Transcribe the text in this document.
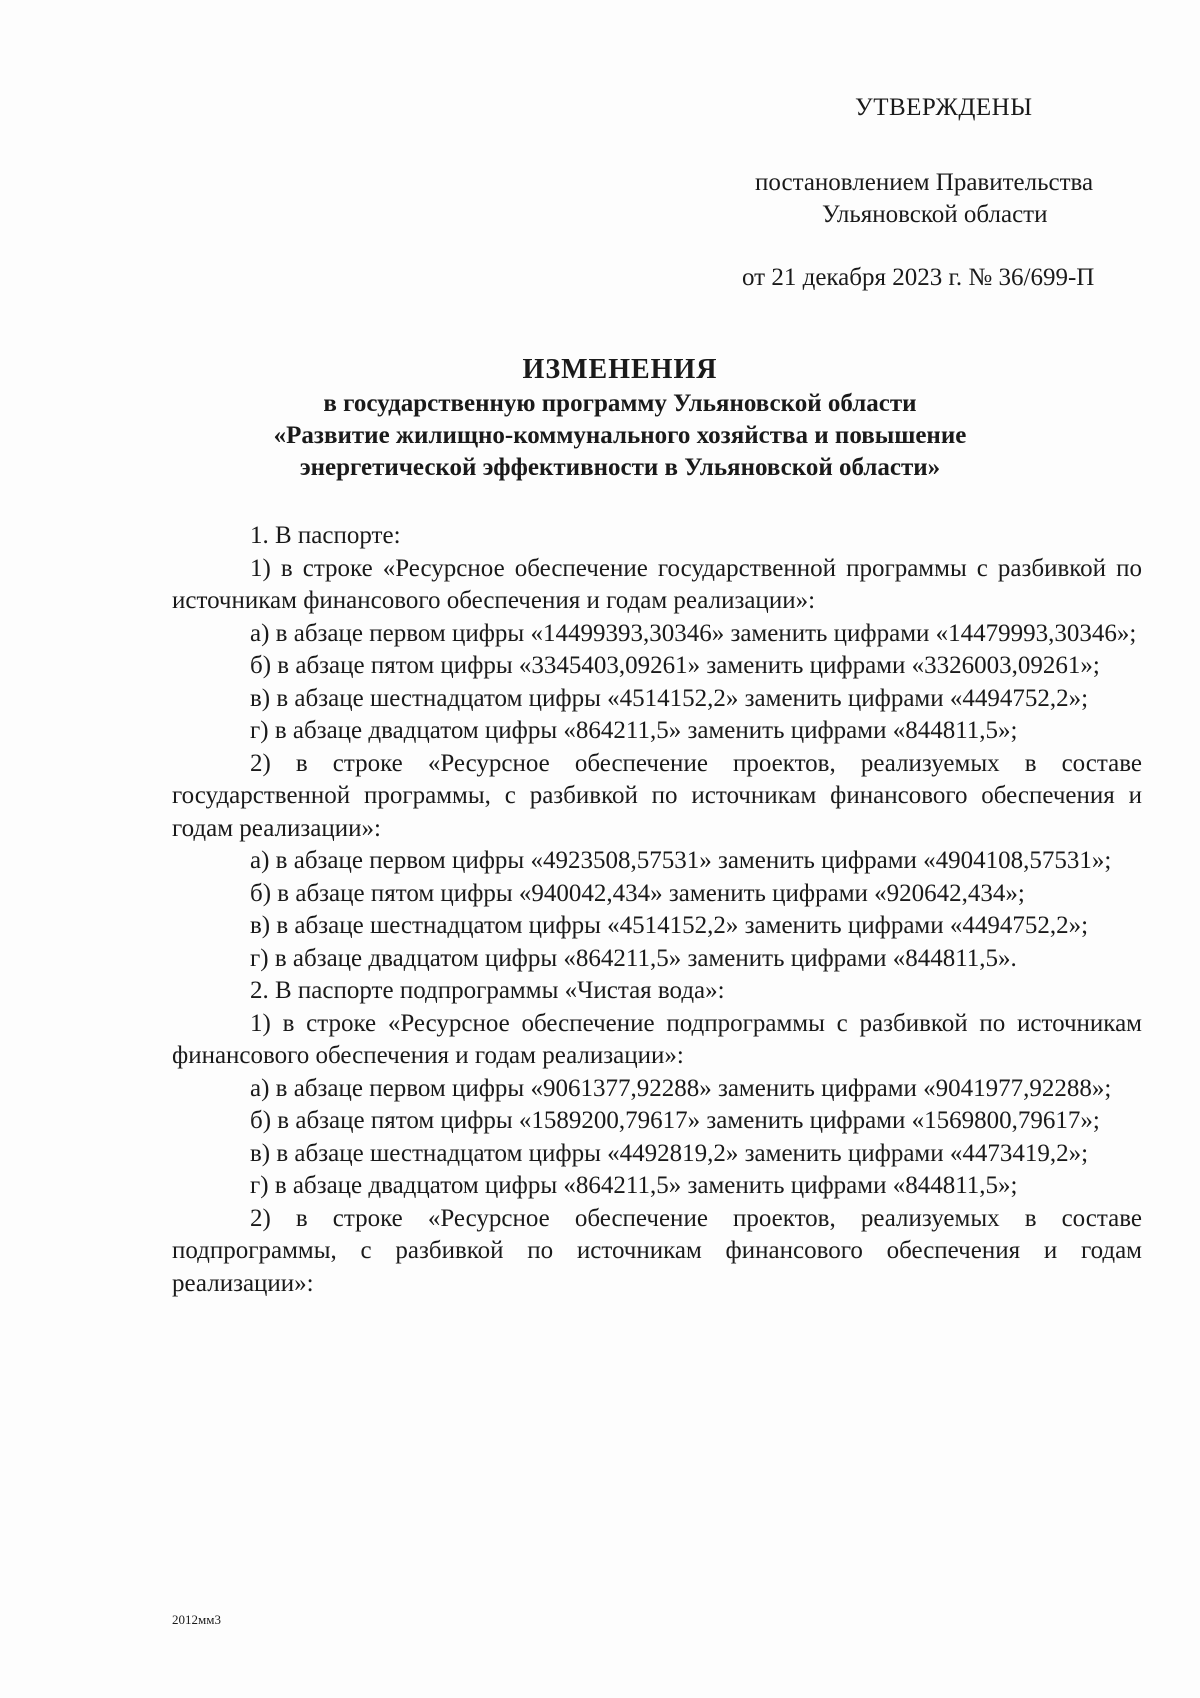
УТВЕРЖДЕНЫ
постановлением Правительства
Ульяновской области
от 21 декабря 2023 г. № 36/699-П
ИЗМЕНЕНИЯ
в государственную программу Ульяновской области
«Развитие жилищно-коммунального хозяйства и повышение
энергетической эффективности в Ульяновской области»

1. В паспорте:

1) в строке «Ресурсное обеспечение государственной программы с разбивкой по источникам финансового обеспечения и годам реализации»:

а) в абзаце первом цифры «14499393,30346» заменить цифрами «14479993,30346»;

б) в абзаце пятом цифры «3345403,09261» заменить цифрами «3326003,09261»;

в) в абзаце шестнадцатом цифры «4514152,2» заменить цифрами «4494752,2»;

г) в абзаце двадцатом цифры «864211,5» заменить цифрами «844811,5»;

2) в строке «Ресурсное обеспечение проектов, реализуемых в составе государственной программы, с разбивкой по источникам финансового обеспечения и годам реализации»:

а) в абзаце первом цифры «4923508,57531» заменить цифрами «4904108,57531»;

б) в абзаце пятом цифры «940042,434» заменить цифрами «920642,434»;

в) в абзаце шестнадцатом цифры «4514152,2» заменить цифрами «4494752,2»;

г) в абзаце двадцатом цифры «864211,5» заменить цифрами «844811,5».

2. В паспорте подпрограммы «Чистая вода»:

1) в строке «Ресурсное обеспечение подпрограммы с разбивкой по источникам финансового обеспечения и годам реализации»:

а) в абзаце первом цифры «9061377,92288» заменить цифрами «9041977,92288»;

б) в абзаце пятом цифры «1589200,79617» заменить цифрами «1569800,79617»;

в) в абзаце шестнадцатом цифры «4492819,2» заменить цифрами «4473419,2»;

г) в абзаце двадцатом цифры «864211,5» заменить цифрами «844811,5»;

2) в строке «Ресурсное обеспечение проектов, реализуемых в составе подпрограммы, с разбивкой по источникам финансового обеспечения и годам реализации»:

2012мм3
